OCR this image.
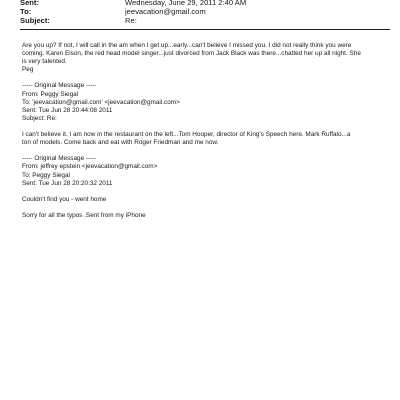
Sent:	Wednesday, June 29, 2011 2:40 AM
To:	jeevacation@gmail.com
Subject:	Re:
Are you up? If not, I will call in the am when I get up...early...can't believe I missed you. I did not really think you were
coming. Karen Elson, the red head model singer...just divorced from Jack Black was there...chatted her up all night. She
is very talented.
Peg
----- Original Message -----
From: Peggy Siegal
To: 'jeevacation@gmail.com' <jeevacation@gmail.com>
Sent: Tue Jun 28 20:44:08 2011
Subject: Re:
I can't believe it. I am now in the restaurant on the left...Tom Hooper, director of King's Speech here. Mark Ruffalo...a
ton of models. Come back and eat with Roger Friedman and me now.
----- Original Message -----
From: jeffrey epstein <jeevacation@gmail.com>
To: Peggy Siegal
Sent: Tue Jun 28 20:20:32 2011
Couldn't find you - went home
Sorry for all the typos .Sent from my iPhone
